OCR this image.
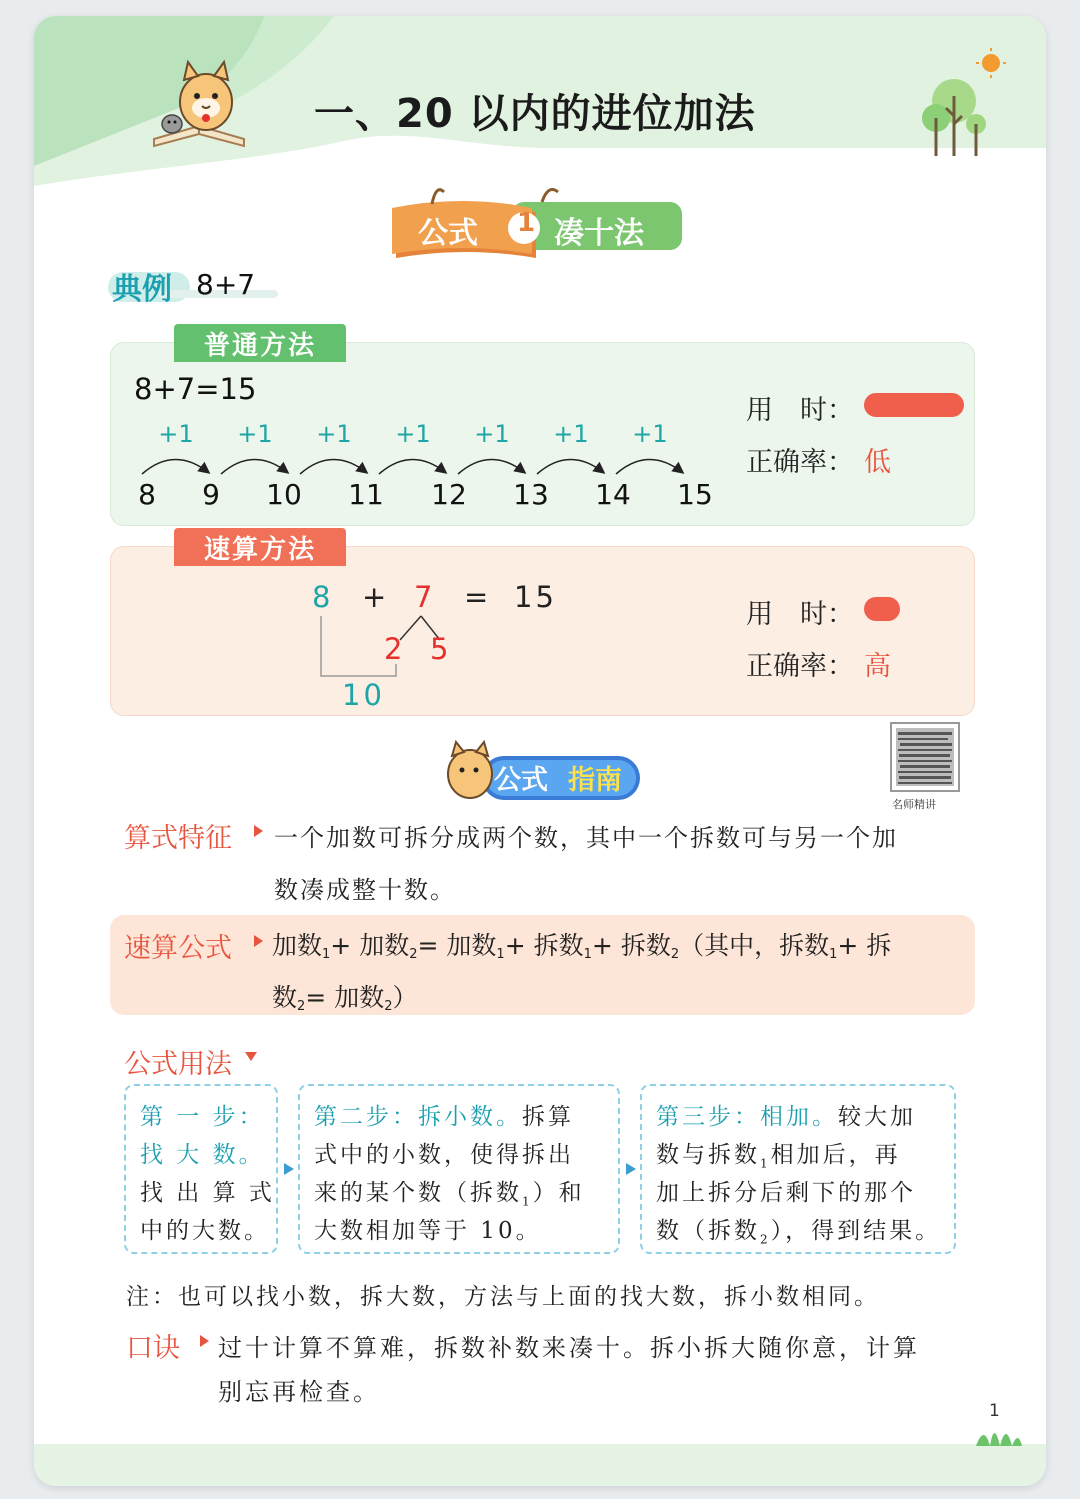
一、20 以内的进位加法
公式 1 凑十法
典例 8+7
普通方法
8+7=15
+1 +1 +1 +1 +1 +1 +1
8	9	10 11 12 13 14 15
用　时：
正确率： 低
速算方法
8 + 7 = 15
2 5
10
用　时：
正确率： 高
公式 指南
名师精讲
算式特征 一个加数可拆分成两个数，其中一个拆数可与另一个加
数凑成整十数。
速算公式 加数$_1$+ 加数$_2$= 加数$_1$+ 拆数$_1$+ 拆数$_2$（其中，拆数$_1$+ 拆
数$_2$= 加数$_2$）
公式用法
第 一 步：
找 大 数。
找 出 算 式
中的大数。
第二步：拆小数。拆算
式中的小数，使得拆出
来的某个数（拆数$_1$）和
大数相加等于 10。
第三步：相加。较大加
数与拆数$_1$相加后，再
加上拆分后剩下的那个
数（拆数$_2$），得到结果。
注：也可以找小数，拆大数，方法与上面的找大数，拆小数相同。
口诀 过十计算不算难，拆数补数来凑十。拆小拆大随你意，计算
别忘再检查。
1
